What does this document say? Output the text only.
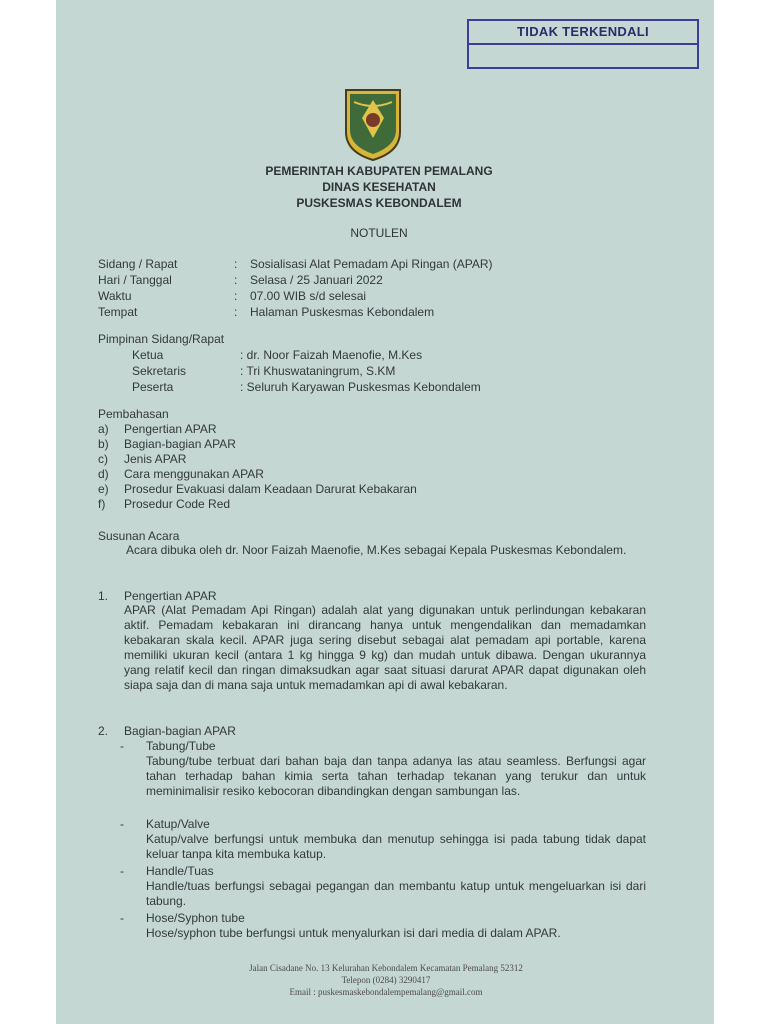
TIDAK TERKENDALI
PEMERINTAH KABUPATEN PEMALANG
DINAS KESEHATAN
PUSKESMAS KEBONDALEM
NOTULEN
Sidang / Rapat	:	Sosialisasi Alat Pemadam Api Ringan (APAR)
Hari / Tanggal	:	Selasa / 25 Januari 2022
Waktu	:	07.00 WIB s/d selesai
Tempat	:	Halaman Puskesmas Kebondalem
Pimpinan Sidang/Rapat
Ketua	: dr. Noor Faizah Maenofie, M.Kes
Sekretaris	: Tri Khuswataningrum, S.KM
Peserta	: Seluruh Karyawan Puskesmas Kebondalem
Pembahasan
a)	Pengertian APAR
b)	Bagian-bagian APAR
c)	Jenis APAR
d)	Cara menggunakan APAR
e)	Prosedur Evakuasi dalam Keadaan Darurat Kebakaran
f)	Prosedur Code Red
Susunan Acara
Acara dibuka oleh dr. Noor Faizah Maenofie, M.Kes sebagai Kepala Puskesmas Kebondalem.
1. Pengertian APAR
APAR (Alat Pemadam Api Ringan) adalah alat yang digunakan untuk perlindungan kebakaran aktif. Pemadam kebakaran ini dirancang hanya untuk mengendalikan dan memadamkan kebakaran skala kecil. APAR juga sering disebut sebagai alat pemadam api portable, karena memiliki ukuran kecil (antara 1 kg hingga 9 kg) dan mudah untuk dibawa. Dengan ukurannya yang relatif kecil dan ringan dimaksudkan agar saat situasi darurat APAR dapat digunakan oleh siapa saja dan di mana saja untuk memadamkan api di awal kebakaran.
2. Bagian-bagian APAR
- Tabung/Tube
Tabung/tube terbuat dari bahan baja dan tanpa adanya las atau seamless. Berfungsi agar tahan terhadap bahan kimia serta tahan terhadap tekanan yang terukur dan untuk meminimalisir resiko kebocoran dibandingkan dengan sambungan las.
- Katup/Valve
Katup/valve berfungsi untuk membuka dan menutup sehingga isi pada tabung tidak dapat keluar tanpa kita membuka katup.
- Handle/Tuas
Handle/tuas berfungsi sebagai pegangan dan membantu katup untuk mengeluarkan isi dari tabung.
- Hose/Syphon tube
Hose/syphon tube berfungsi untuk menyalurkan isi dari media di dalam APAR.
Jalan Cisadane No. 13 Kelurahan Kebondalem Kecamatan Pemalang 52312
Telepon (0284) 3290417
Email : puskesmaskebondalempemalang@gmail.com
